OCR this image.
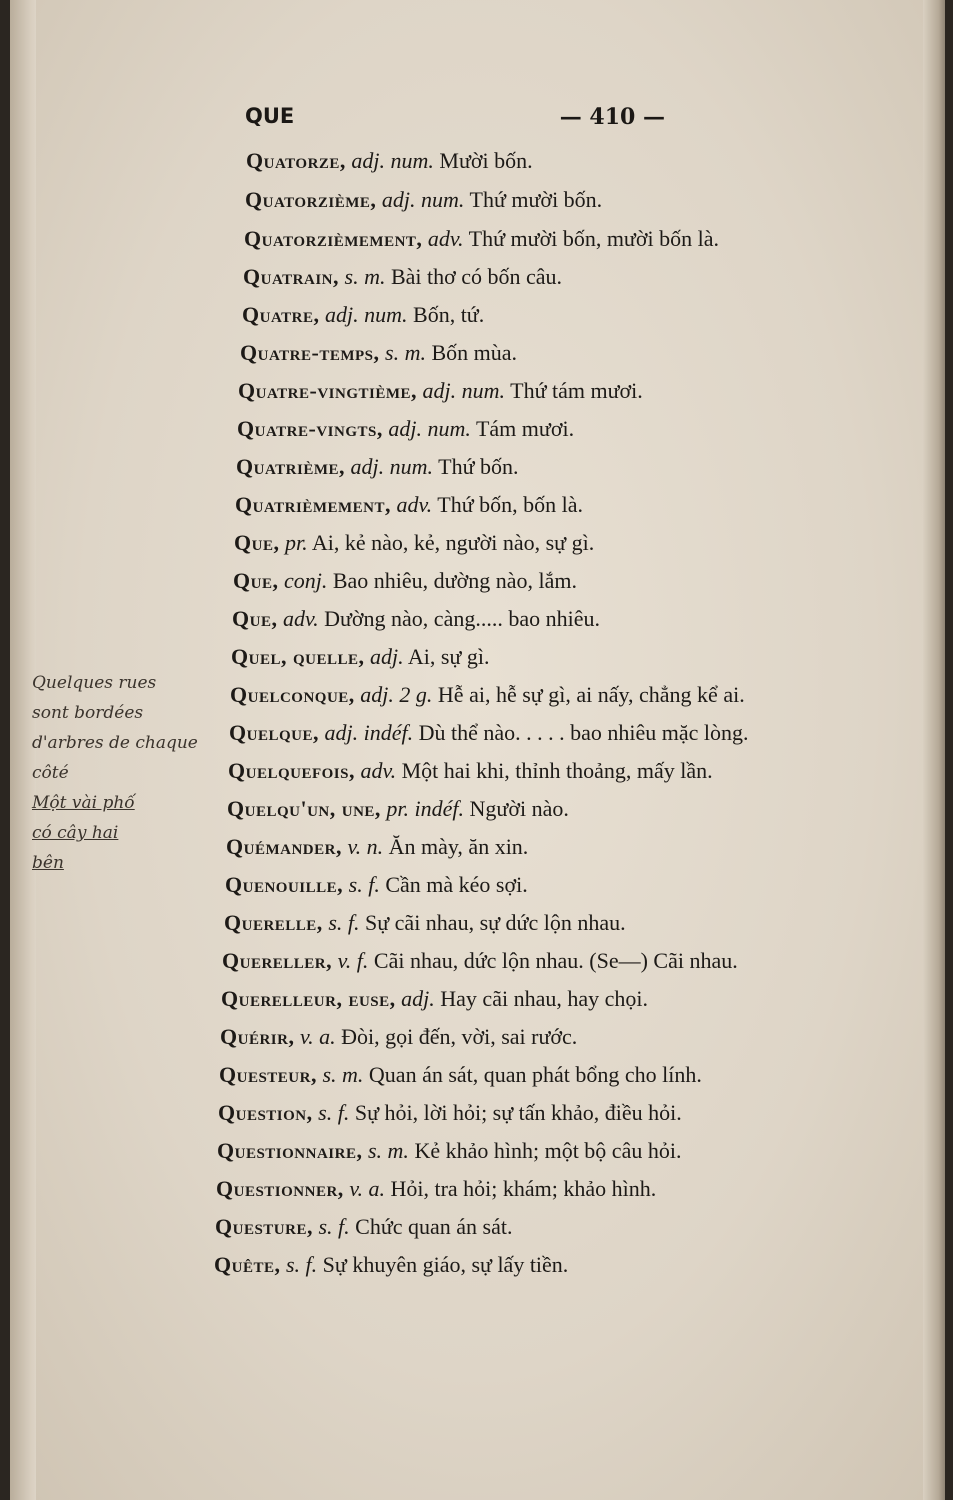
QUE	— 410 —
Quatorze, adj. num. Mười bốn.
Quatorzième, adj. num. Thứ mười bốn.
Quatorzièmement, adv. Thứ mười bốn, mười bốn là.
Quatrain, s. m. Bài thơ có bốn câu.
Quatre, adj. num. Bốn, tứ.
Quatre-temps, s. m. Bốn mùa.
Quatre-vingtième, adj. num. Thứ tám mươi.
Quatre-vingts, adj. num. Tám mươi.
Quatrième, adj. num. Thứ bốn.
Quatrièmement, adv. Thứ bốn, bốn là.
Que, pr. Ai, kẻ nào, kẻ, người nào, sự gì.
Que, conj. Bao nhiêu, dường nào, lắm.
Que, adv. Dường nào, càng..... bao nhiêu.
Quel, quelle, adj. Ai, sự gì.
Quelconque, adj. 2 g. Hễ ai, hễ sự gì, ai nấy, chẳng kể ai.
Quelque, adj. indéf. Dù thể nào. . . . . bao nhiêu mặc lòng.
Quelquefois, adv. Một hai khi, thỉnh thoảng, mấy lần.
Quelqu'un, une, pr. indéf. Người nào.
Quémander, v. n. Ăn mày, ăn xin.
Quenouille, s. f. Cần mà kéo sợi.
Querelle, s. f. Sự cãi nhau, sự dức lộn nhau.
Quereller, v. f. Cãi nhau, dức lộn nhau. (Se—) Cãi nhau.
Querelleur, euse, adj. Hay cãi nhau, hay chọi.
Quérir, v. a. Đòi, gọi đến, vời, sai rước.
Questeur, s. m. Quan án sát, quan phát bổng cho lính.
Question, s. f. Sự hỏi, lời hỏi; sự tấn khảo, điều hỏi.
Questionnaire, s. m. Kẻ khảo hình; một bộ câu hỏi.
Questionner, v. a. Hỏi, tra hỏi; khám; khảo hình.
Questure, s. f. Chức quan án sát.
Quête, s. f. Sự khuyên giáo, sự lấy tiền.
Quelques rues
sont bordées
d'arbres de chaque
côté
Một vài phố
có cây hai
bên
